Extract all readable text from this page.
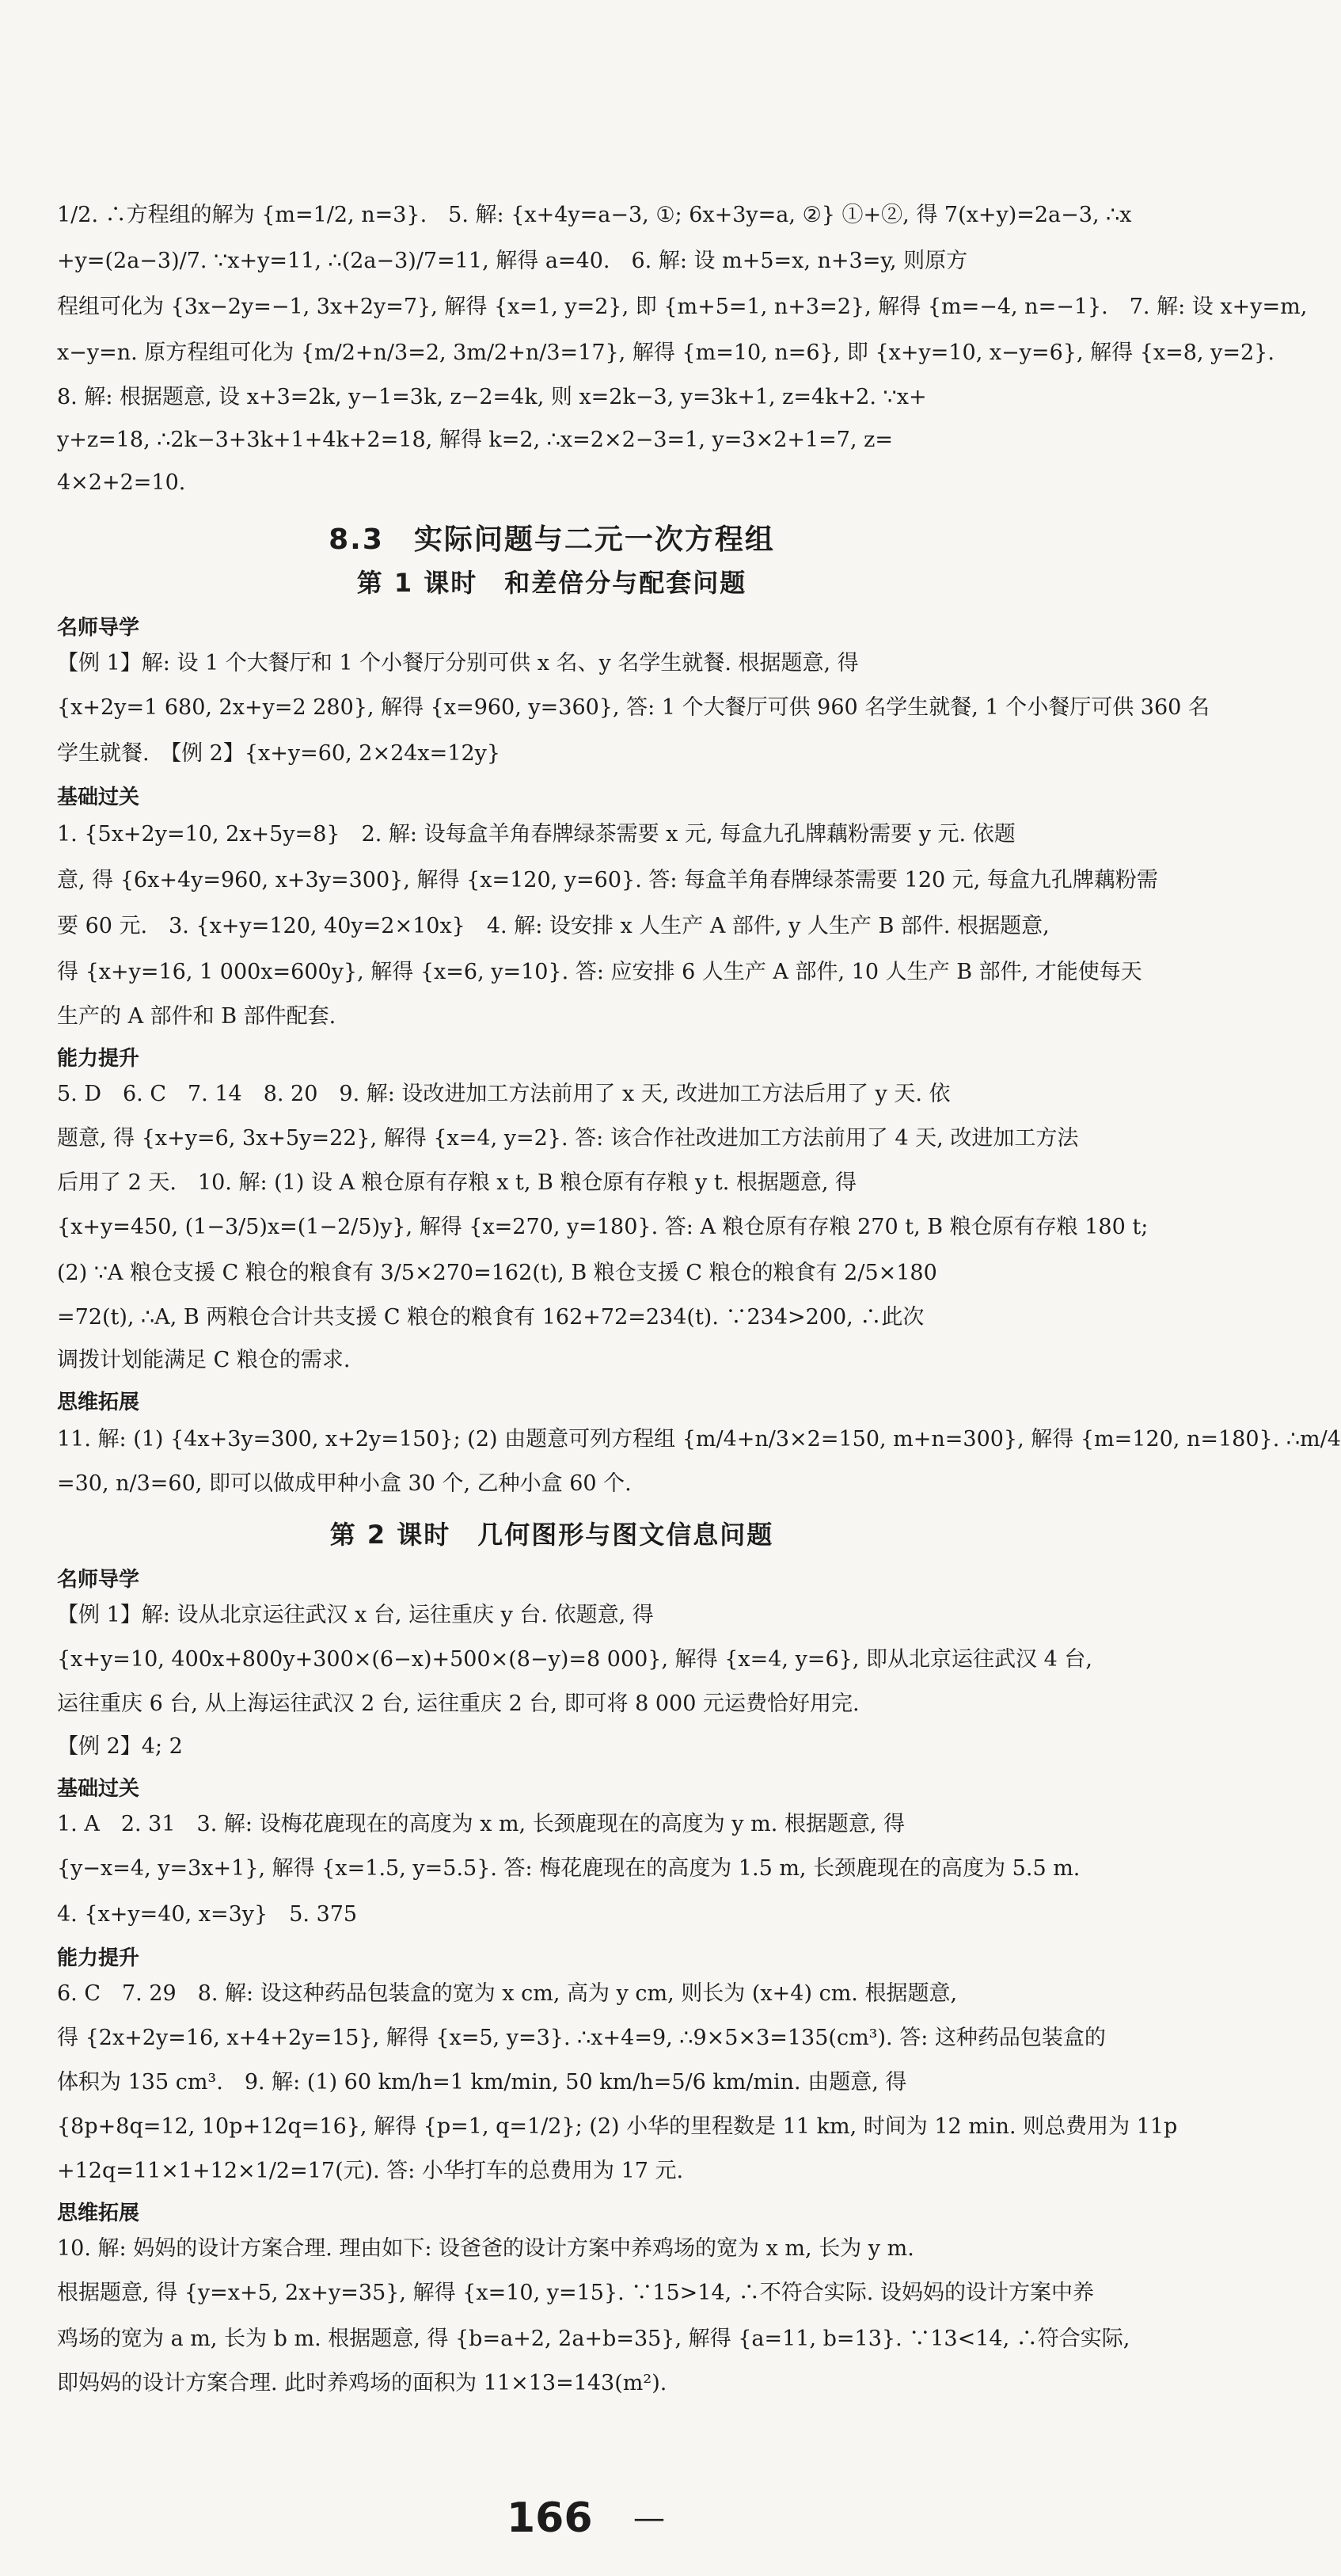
1/2. ∴方程组的解为 {m=1/2, n=3}.　5. 解: {x+4y=a−3, ①; 6x+3y=a, ②} ①+②, 得 7(x+y)=2a−3, ∴x
+y=(2a−3)/7. ∵x+y=11, ∴(2a−3)/7=11, 解得 a=40.　6. 解: 设 m+5=x, n+3=y, 则原方
程组可化为 {3x−2y=−1, 3x+2y=7}, 解得 {x=1, y=2}, 即 {m+5=1, n+3=2}, 解得 {m=−4, n=−1}.　7. 解: 设 x+y=m,
x−y=n. 原方程组可化为 {m/2+n/3=2, 3m/2+n/3=17}, 解得 {m=10, n=6}, 即 {x+y=10, x−y=6}, 解得 {x=8, y=2}.
8. 解: 根据题意, 设 x+3=2k, y−1=3k, z−2=4k, 则 x=2k−3, y=3k+1, z=4k+2. ∵x+
y+z=18, ∴2k−3+3k+1+4k+2=18, 解得 k=2, ∴x=2×2−3=1, y=3×2+1=7, z=
4×2+2=10.
8.3　实际问题与二元一次方程组
第 1 课时　和差倍分与配套问题
名师导学
【例 1】解: 设 1 个大餐厅和 1 个小餐厅分别可供 x 名、y 名学生就餐. 根据题意, 得
{x+2y=1 680, 2x+y=2 280}, 解得 {x=960, y=360}, 答: 1 个大餐厅可供 960 名学生就餐, 1 个小餐厅可供 360 名
学生就餐.　【例 2】{x+y=60, 2×24x=12y}
基础过关
1. {5x+2y=10, 2x+5y=8}　2. 解: 设每盒羊角春牌绿茶需要 x 元, 每盒九孔牌藕粉需要 y 元. 依题
意, 得 {6x+4y=960, x+3y=300}, 解得 {x=120, y=60}. 答: 每盒羊角春牌绿茶需要 120 元, 每盒九孔牌藕粉需
要 60 元.　3. {x+y=120, 40y=2×10x}　4. 解: 设安排 x 人生产 A 部件, y 人生产 B 部件. 根据题意,
得 {x+y=16, 1 000x=600y}, 解得 {x=6, y=10}. 答: 应安排 6 人生产 A 部件, 10 人生产 B 部件, 才能使每天
生产的 A 部件和 B 部件配套.
能力提升
5. D　6. C　7. 14　8. 20　9. 解: 设改进加工方法前用了 x 天, 改进加工方法后用了 y 天. 依
题意, 得 {x+y=6, 3x+5y=22}, 解得 {x=4, y=2}. 答: 该合作社改进加工方法前用了 4 天, 改进加工方法
后用了 2 天.　10. 解: (1) 设 A 粮仓原有存粮 x t, B 粮仓原有存粮 y t. 根据题意, 得
{x+y=450, (1−3/5)x=(1−2/5)y}, 解得 {x=270, y=180}. 答: A 粮仓原有存粮 270 t, B 粮仓原有存粮 180 t;
(2) ∵A 粮仓支援 C 粮仓的粮食有 3/5×270=162(t), B 粮仓支援 C 粮仓的粮食有 2/5×180
=72(t), ∴A, B 两粮仓合计共支援 C 粮仓的粮食有 162+72=234(t). ∵234>200, ∴此次
调拨计划能满足 C 粮仓的需求.
思维拓展
11. 解: (1) {4x+3y=300, x+2y=150}; (2) 由题意可列方程组 {m/4+n/3×2=150, m+n=300}, 解得 {m=120, n=180}. ∴m/4
=30, n/3=60, 即可以做成甲种小盒 30 个, 乙种小盒 60 个.
第 2 课时　几何图形与图文信息问题
名师导学
【例 1】解: 设从北京运往武汉 x 台, 运往重庆 y 台. 依题意, 得
{x+y=10, 400x+800y+300×(6−x)+500×(8−y)=8 000}, 解得 {x=4, y=6}, 即从北京运往武汉 4 台,
运往重庆 6 台, 从上海运往武汉 2 台, 运往重庆 2 台, 即可将 8 000 元运费恰好用完.
【例 2】4; 2
基础过关
1. A　2. 31　3. 解: 设梅花鹿现在的高度为 x m, 长颈鹿现在的高度为 y m. 根据题意, 得
{y−x=4, y=3x+1}, 解得 {x=1.5, y=5.5}. 答: 梅花鹿现在的高度为 1.5 m, 长颈鹿现在的高度为 5.5 m.
4. {x+y=40, x=3y}　5. 375
能力提升
6. C　7. 29　8. 解: 设这种药品包装盒的宽为 x cm, 高为 y cm, 则长为 (x+4) cm. 根据题意,
得 {2x+2y=16, x+4+2y=15}, 解得 {x=5, y=3}. ∴x+4=9, ∴9×5×3=135(cm³). 答: 这种药品包装盒的
体积为 135 cm³.　9. 解: (1) 60 km/h=1 km/min, 50 km/h=5/6 km/min. 由题意, 得
{8p+8q=12, 10p+12q=16}, 解得 {p=1, q=1/2}; (2) 小华的里程数是 11 km, 时间为 12 min. 则总费用为 11p
+12q=11×1+12×1/2=17(元). 答: 小华打车的总费用为 17 元.
思维拓展
10. 解: 妈妈的设计方案合理. 理由如下: 设爸爸的设计方案中养鸡场的宽为 x m, 长为 y m.
根据题意, 得 {y=x+5, 2x+y=35}, 解得 {x=10, y=15}. ∵15>14, ∴不符合实际. 设妈妈的设计方案中养
鸡场的宽为 a m, 长为 b m. 根据题意, 得 {b=a+2, 2a+b=35}, 解得 {a=11, b=13}. ∵13<14, ∴符合实际,
即妈妈的设计方案合理. 此时养鸡场的面积为 11×13=143(m²).
166 —
